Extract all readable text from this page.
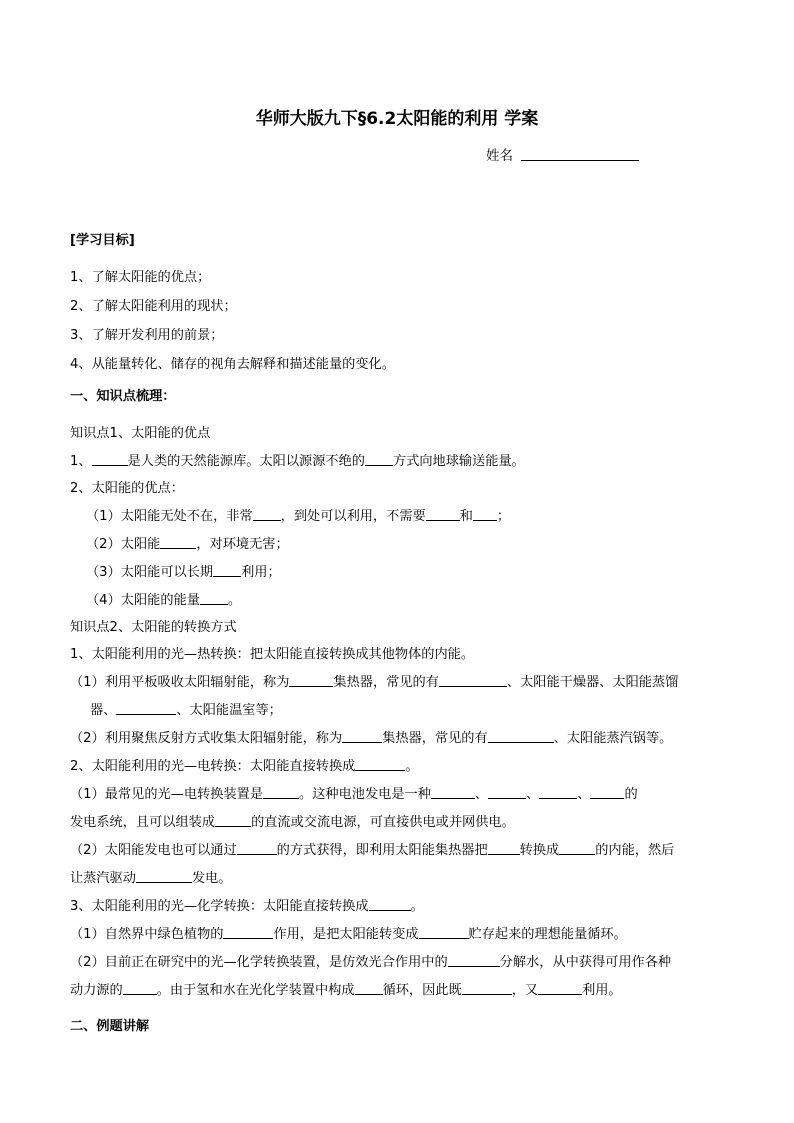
华师大版九下§6.2太阳能的利用 学案
姓名
[学习目标]
1、了解太阳能的优点；
2、了解太阳能利用的现状；
3、了解开发利用的前景；
4、从能量转化、储存的视角去解释和描述能量的变化。
一、知识点梳理：
知识点1、太阳能的优点
1、	是人类的天然能源库。太阳以源源不绝的 方式向地球输送能量。
2、太阳能的优点：
（1）太阳能无处不在，非常 ，到处可以利用，不需要	和 ；
（2）太阳能	，对环境无害；
（3）太阳能可以长期 利用；
（4）太阳能的能量 。
知识点2、太阳能的转换方式
1、太阳能利用的光—热转换：把太阳能直接转换成其他物体的内能。
（1）利用平板吸收太阳辐射能，称为	集热器，常见的有	、太阳能干燥器、太阳能蒸馏
器、	、太阳能温室等；
（2）利用聚焦反射方式收集太阳辐射能，称为	集热器，常见的有	、太阳能蒸汽锅等。
2、太阳能利用的光—电转换：太阳能直接转换成	。
（1）最常见的光—电转换装置是	。这种电池发电是一种	、	、	、	的
发电系统，且可以组装成	的直流或交流电源，可直接供电或并网供电。
（2）太阳能发电也可以通过	的方式获得，即利用太阳能集热器把 转换成	的内能，然后
让蒸汽驱动	发电。
3、太阳能利用的光—化学转换：太阳能直接转换成	。
（1）自然界中绿色植物的	作用，是把太阳能转变成	贮存起来的理想能量循环。
（2）目前正在研究中的光—化学转换装置，是仿效光合作用中的	分解水，从中获得可用作各种
动力源的	。由于氢和水在光化学装置中构成 循环，因此既	，又	利用。
二、例题讲解
